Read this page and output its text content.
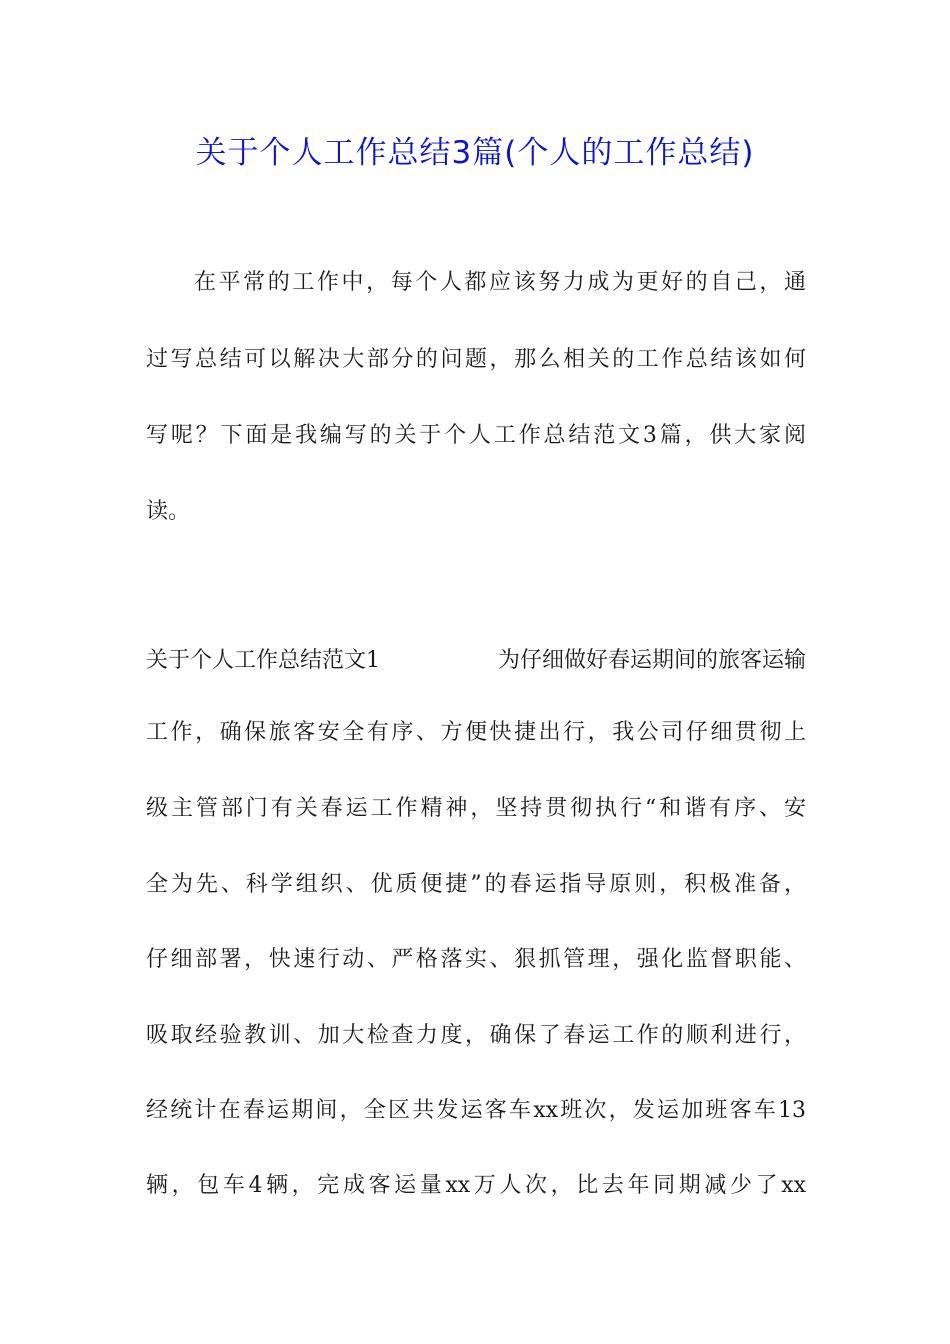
关于个人工作总结3篇(个人的工作总结)
在平常的工作中，每个人都应该努力成为更好的自己，通
过写总结可以解决大部分的问题，那么相关的工作总结该如何
写呢？下面是我编写的关于个人工作总结范文3篇，供大家阅
读。
关于个人工作总结范文1	为仔细做好春运期间的旅客运输
工作，确保旅客安全有序、方便快捷出行，我公司仔细贯彻上
级主管部门有关春运工作精神，坚持贯彻执行“和谐有序、安
全为先、科学组织、优质便捷”的春运指导原则，积极准备，
仔细部署，快速行动、严格落实、狠抓管理，强化监督职能、
吸取经验教训、加大检查力度，确保了春运工作的顺利进行，
经统计在春运期间，全区共发运客车xx班次，发运加班客车13
辆，包车4辆，完成客运量xx万人次，比去年同期减少了xx
